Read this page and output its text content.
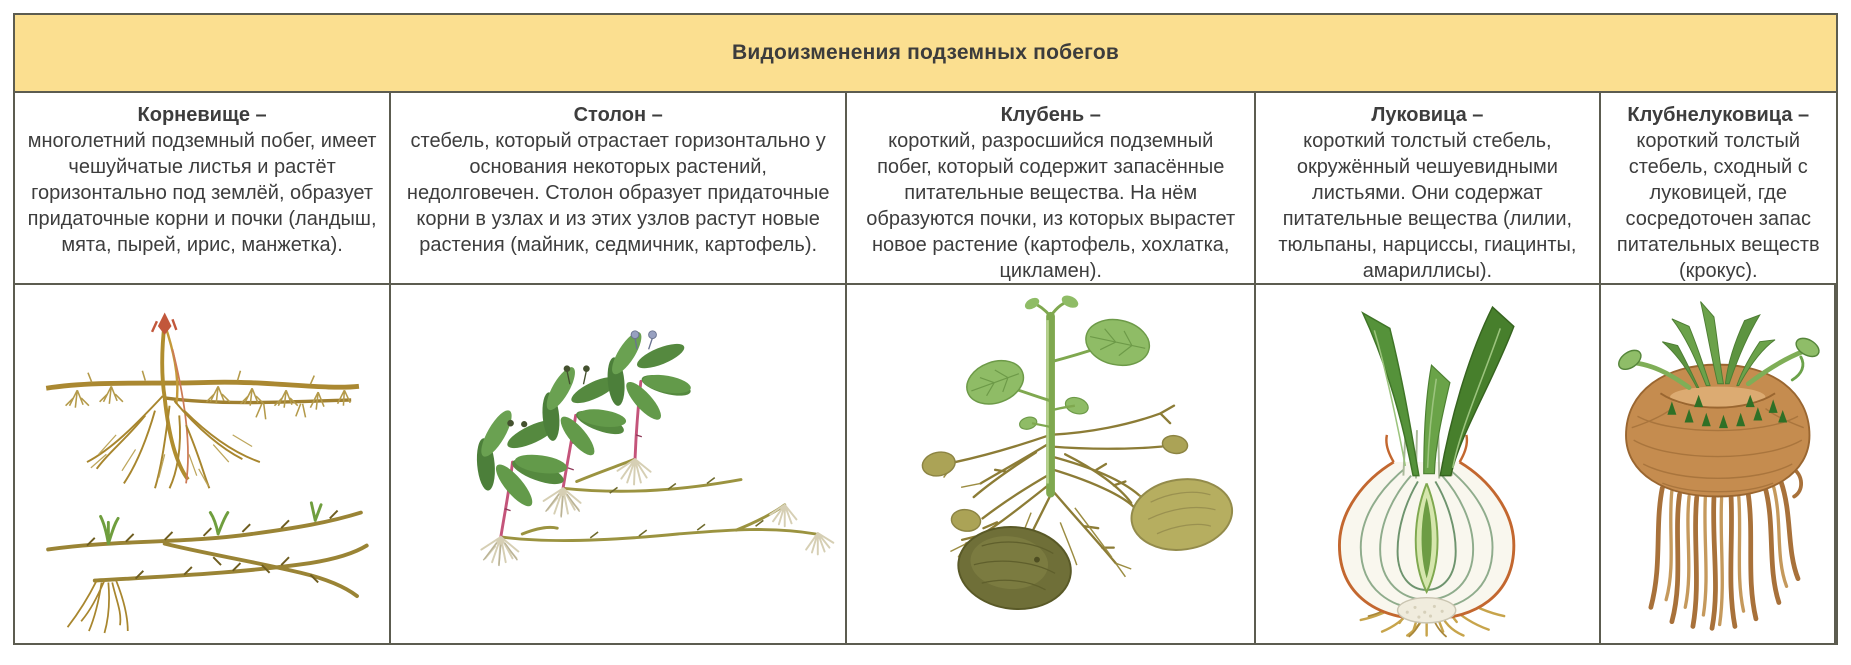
Видоизменения подземных побегов
Корневище –
многолетний подземный побег, имеет чешуйчатые листья и растёт горизонтально под землёй, образует придаточные корни и почки (ландыш, мята, пырей, ирис, манжетка).
Столон –
стебель, который отрастает горизонтально у основания некоторых растений, недолговечен. Столон образует придаточные корни в узлах и из этих узлов растут новые растения (майник, седмичник, картофель).
Клубень –
короткий, разросшийся подземный побег, который содержит запасённые питательные вещества. На нём образуются почки, из которых вырастет новое растение (картофель, хохлатка, цикламен).
Луковица –
короткий толстый стебель, окружённый чешуевидными листьями. Они содержат питательные вещества (лилии, тюльпаны, нарциссы, гиацинты, амариллисы).
Клубнелуковица –
короткий толстый стебель, сходный с луковицей, где сосредоточен запас питательных веществ (крокус).
